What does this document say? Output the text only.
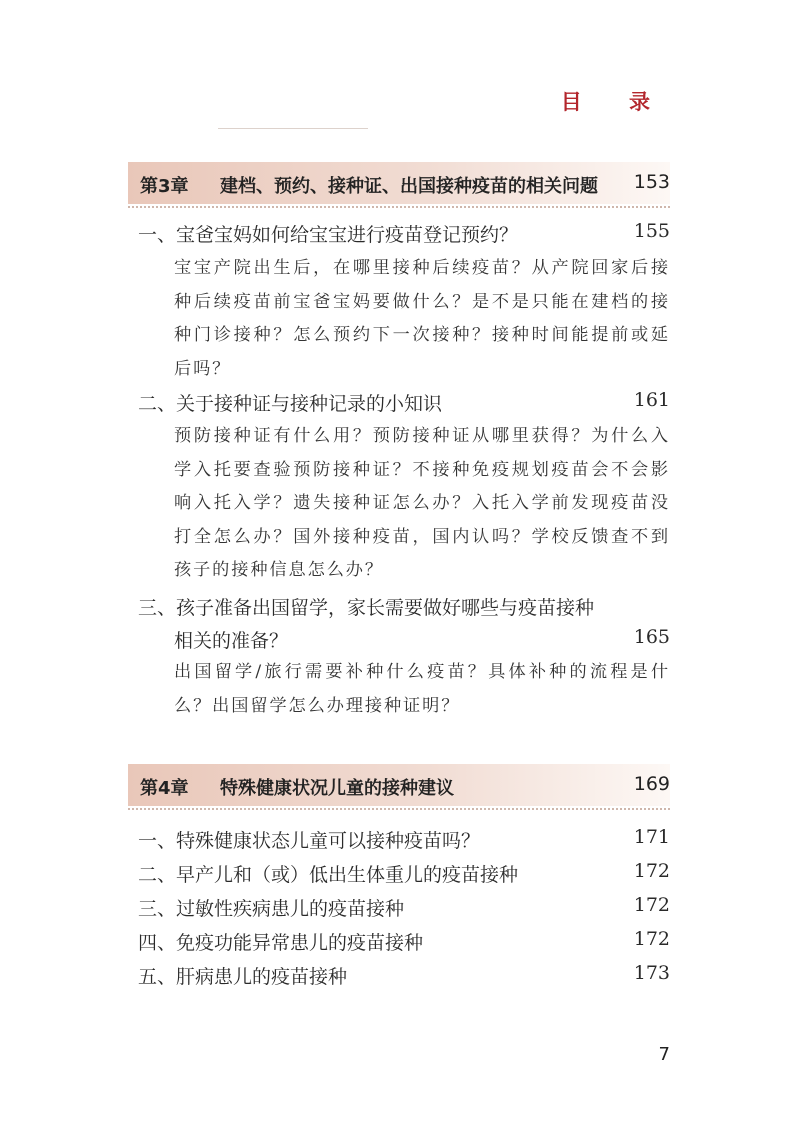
目 录
第3章 建档、预约、接种证、出国接种疫苗的相关问题 153
一、宝爸宝妈如何给宝宝进行疫苗登记预约？	155
宝宝产院出生后，在哪里接种后续疫苗？从产院回家后接种后续疫苗前宝爸宝妈要做什么？是不是只能在建档的接种门诊接种？怎么预约下一次接种？接种时间能提前或延后吗？
二、关于接种证与接种记录的小知识	161
预防接种证有什么用？预防接种证从哪里获得？为什么入学入托要查验预防接种证？不接种免疫规划疫苗会不会影响入托入学？遗失接种证怎么办？入托入学前发现疫苗没打全怎么办？国外接种疫苗，国内认吗？学校反馈查不到孩子的接种信息怎么办？
三、孩子准备出国留学，家长需要做好哪些与疫苗接种
相关的准备？	165
出国留学/旅行需要补种什么疫苗？具体补种的流程是什么？出国留学怎么办理接种证明？
第4章 特殊健康状况儿童的接种建议	169
一、特殊健康状态儿童可以接种疫苗吗？	171
二、早产儿和（或）低出生体重儿的疫苗接种	172
三、过敏性疾病患儿的疫苗接种	172
四、免疫功能异常患儿的疫苗接种	172
五、肝病患儿的疫苗接种	173
7
